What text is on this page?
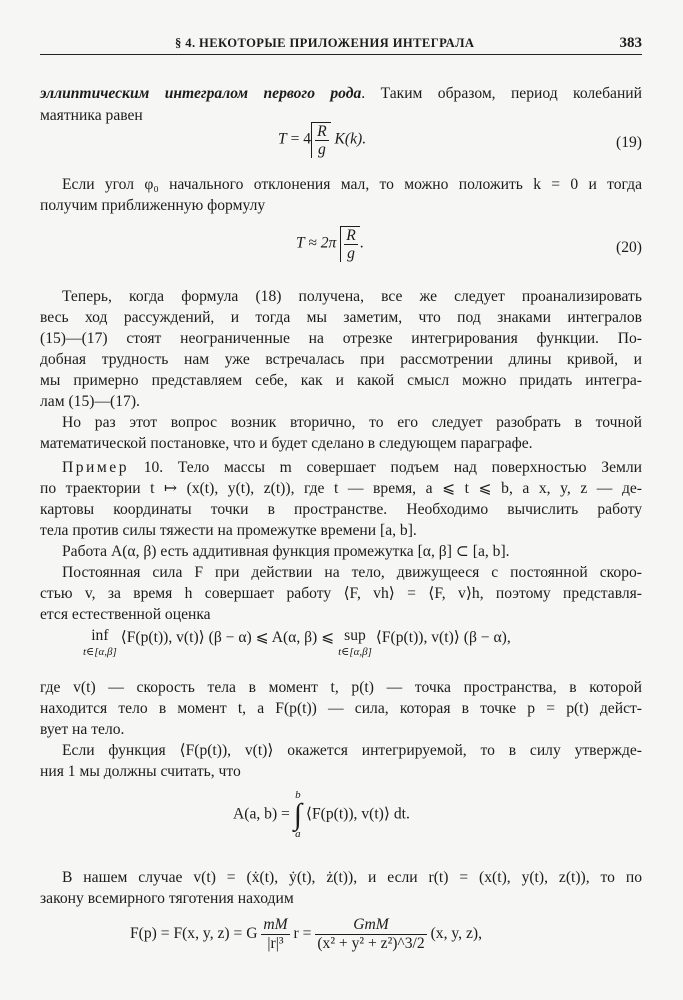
§ 4. НЕКОТОРЫЕ ПРИЛОЖЕНИЯ ИНТЕГРАЛА	383
эллиптическим интегралом первого рода. Таким образом, период колебаний
маятника равен
$T = 4 \frac{R}{g} K(k)$.	(19)
Если угол φ₀ начального отклонения мал, то можно положить k = 0 и тогда
получим приближенную формулу
$T \approx 2\pi \frac{R}{g}$ .	(20)
Теперь, когда формула (18) получена, все же следует проанализировать
весь ход рассуждений, и тогда мы заметим, что под знаками интегралов
(15)—(17) стоят неограниченные на отрезке интегрирования функции. По-
добная трудность нам уже встречалась при рассмотрении длины кривой, и
мы примерно представляем себе, как и какой смысл можно придать интегра-
лам (15)—(17).
Но раз этот вопрос возник вторично, то его следует разобрать в точной
математической постановке, что и будет сделано в следующем параграфе.
Пример 10. Тело массы m совершает подъем над поверхностью Земли
по траектории t ↦ (x(t), y(t), z(t)), где t — время, a ⩽ t ⩽ b, а x, y, z — де-
картовы координаты точки в пространстве. Необходимо вычислить работу
тела против силы тяжести на промежутке времени [a, b].
Работа A(α, β) есть аддитивная функция промежутка [α, β] ⊂ [a, b].
Постоянная сила F при действии на тело, движущееся с постоянной скоро-
стью v, за время h совершает работу ⟨F, vh⟩ = ⟨F, v⟩h, поэтому представля-
ется естественной оценка
inf
t∈[α,β]
⟨F(p(t)), v(t)⟩ (β − α) ⩽ A(α, β) ⩽ sup
t∈[α,β]
⟨F(p(t)), v(t)⟩ (β − α),
где v(t) — скорость тела в момент t, p(t) — точка пространства, в которой
находится тело в момент t, а F(p(t)) — сила, которая в точке p = p(t) дейст-
вует на тело.
Если функция ⟨F(p(t)), v(t)⟩ окажется интегрируемой, то в силу утвержде-
ния 1 мы должны считать, что
A(a, b) =
b
∫
a
⟨F(p(t)), v(t)⟩ dt.
В нашем случае v(t) = (ẋ(t), ẏ(t), ż(t)), и если r(t) = (x(t), y(t), z(t)), то по
закону всемирного тяготения находим
F(p) = F(x, y, z) = G $\frac{mM}{\text{|r|³}}$ $r = \frac{\text{GmM}}{\text{(x² + y² + z²)\textasciicircum{}3/2}} (x$, y, z),
